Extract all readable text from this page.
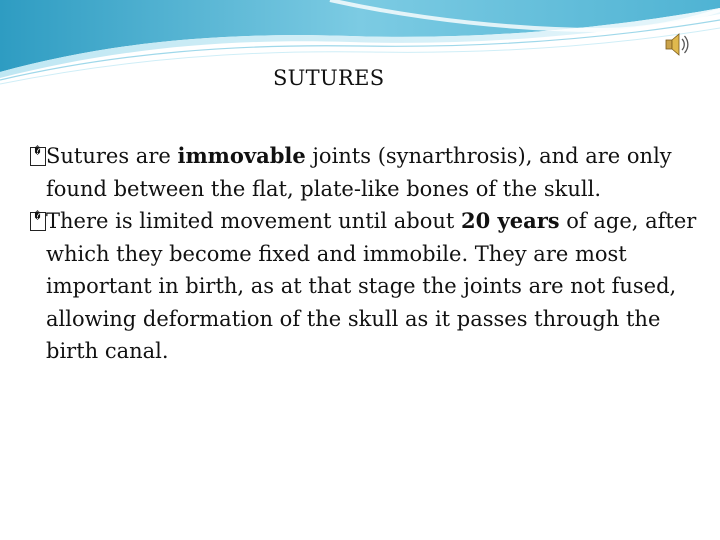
SUTURES
� Sutures are immovable joints (synarthrosis), and are only found between the flat, plate-like bones of the skull.
� There is limited movement until about 20 years of age, after which they become fixed and immobile. They are most important in birth, as at that stage the joints are not fused, allowing deformation of the skull as it passes through the birth canal.
